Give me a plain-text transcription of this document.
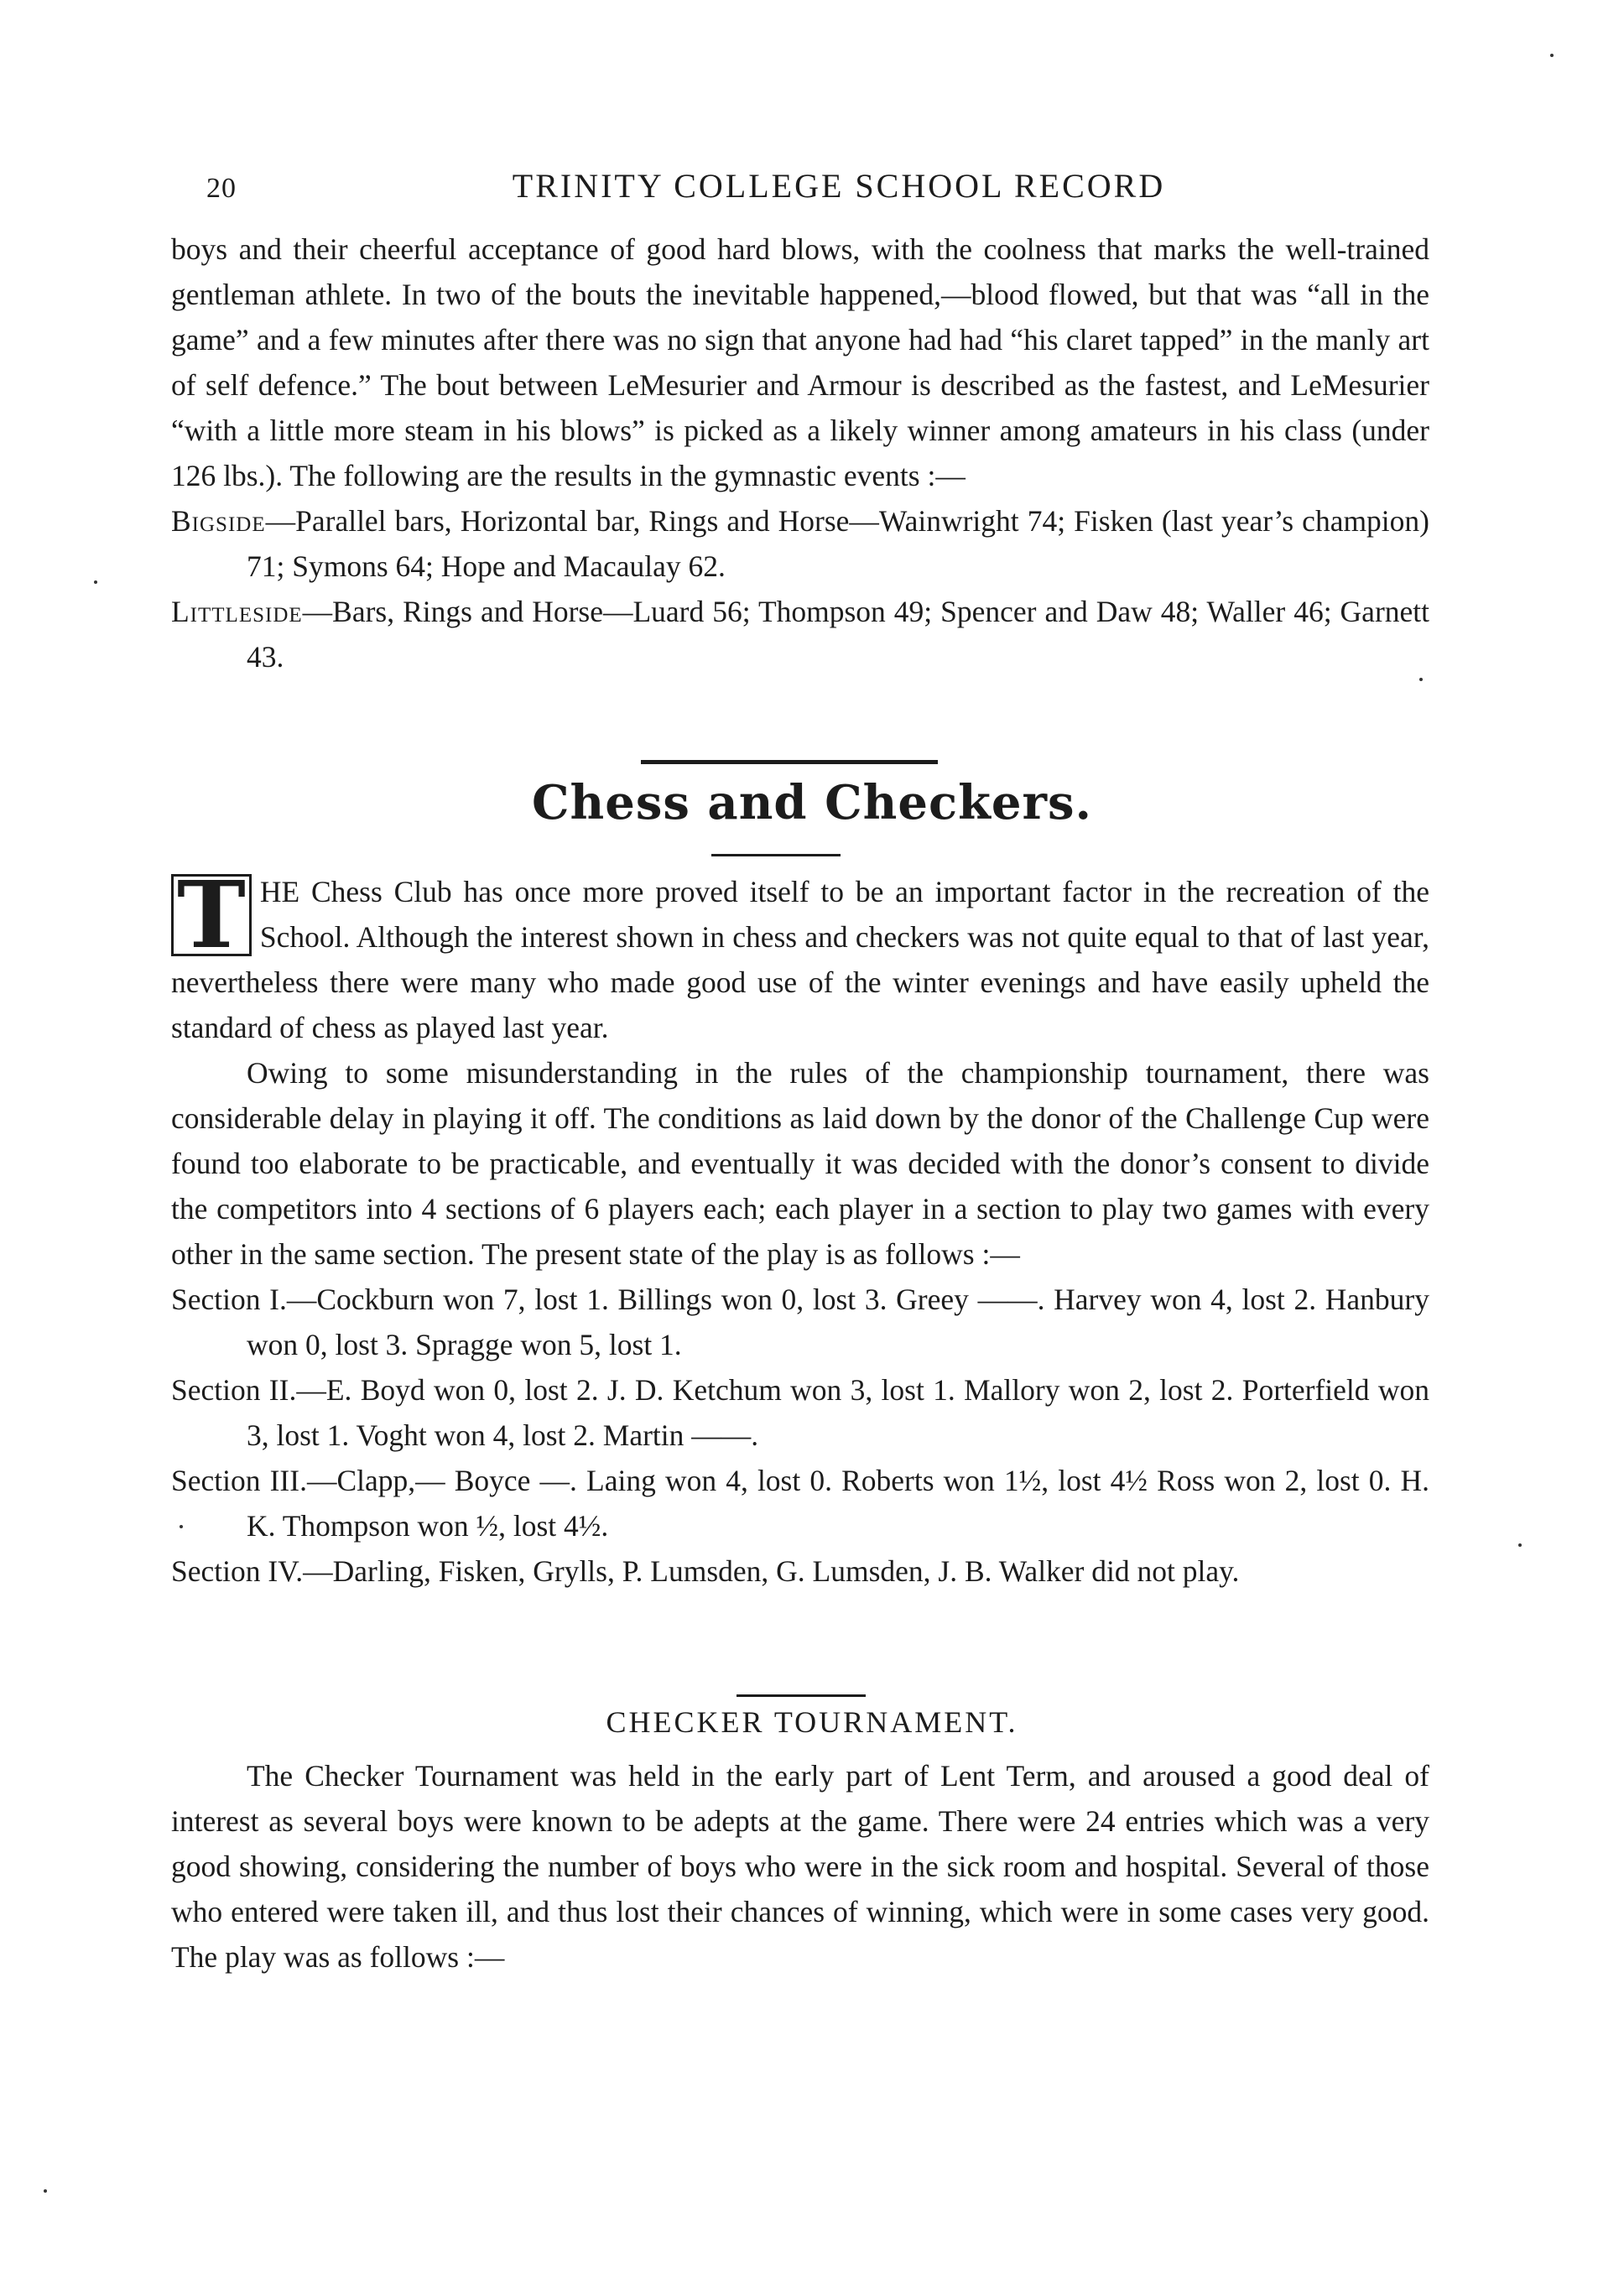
20	TRINITY COLLEGE SCHOOL RECORD

boys and their cheerful acceptance of good hard blows, with the coolness that marks the well-trained gentleman athlete. In two of the bouts the inevitable happened,—blood flowed, but that was “all in the game” and a few minutes after there was no sign that anyone had had “his claret tapped” in the manly art of self defence.” The bout between LeMesurier and Armour is described as the fastest, and LeMesurier “with a little more steam in his blows” is picked as a likely winner among amateurs in his class (under 126 lbs.). The following are the results in the gymnastic events :—

Bigside—Parallel bars, Horizontal bar, Rings and Horse—Wainwright 74; Fisken (last year’s champion) 71; Symons 64; Hope and Macaulay 62.

Littleside—Bars, Rings and Horse—Luard 56; Thompson 49; Spencer and Daw 48; Waller 46; Garnett 43.

Chess and Checkers.
T HE Chess Club has once more proved itself to be an important factor in the recreation of the School. Although the interest shown in chess and checkers was not quite equal to that of last year, nevertheless there were many who made good use of the winter evenings and have easily upheld the standard of chess as played last year.

Owing to some misunderstanding in the rules of the championship tournament, there was considerable delay in playing it off. The conditions as laid down by the donor of the Challenge Cup were found too elaborate to be practicable, and eventually it was decided with the donor’s consent to divide the competitors into 4 sections of 6 players each; each player in a section to play two games with every other in the same section. The present state of the play is as follows :—

Section I.—Cockburn won 7, lost 1. Billings won 0, lost 3. Greey ——. Harvey won 4, lost 2. Hanbury won 0, lost 3. Spragge won 5, lost 1.

Section II.—E. Boyd won 0, lost 2. J. D. Ketchum won 3, lost 1. Mallory won 2, lost 2. Porterfield won 3, lost 1. Voght won 4, lost 2. Martin ——.

Section III.—Clapp,— Boyce —. Laing won 4, lost 0. Roberts won 1½, lost 4½ Ross won 2, lost 0. H. K. Thompson won ½, lost 4½.

Section IV.—Darling, Fisken, Grylls, P. Lumsden, G. Lumsden, J. B. Walker did not play.

CHECKER TOURNAMENT.

The Checker Tournament was held in the early part of Lent Term, and aroused a good deal of interest as several boys were known to be adepts at the game. There were 24 entries which was a very good showing, considering the number of boys who were in the sick room and hospital. Several of those who entered were taken ill, and thus lost their chances of winning, which were in some cases very good. The play was as follows :—
